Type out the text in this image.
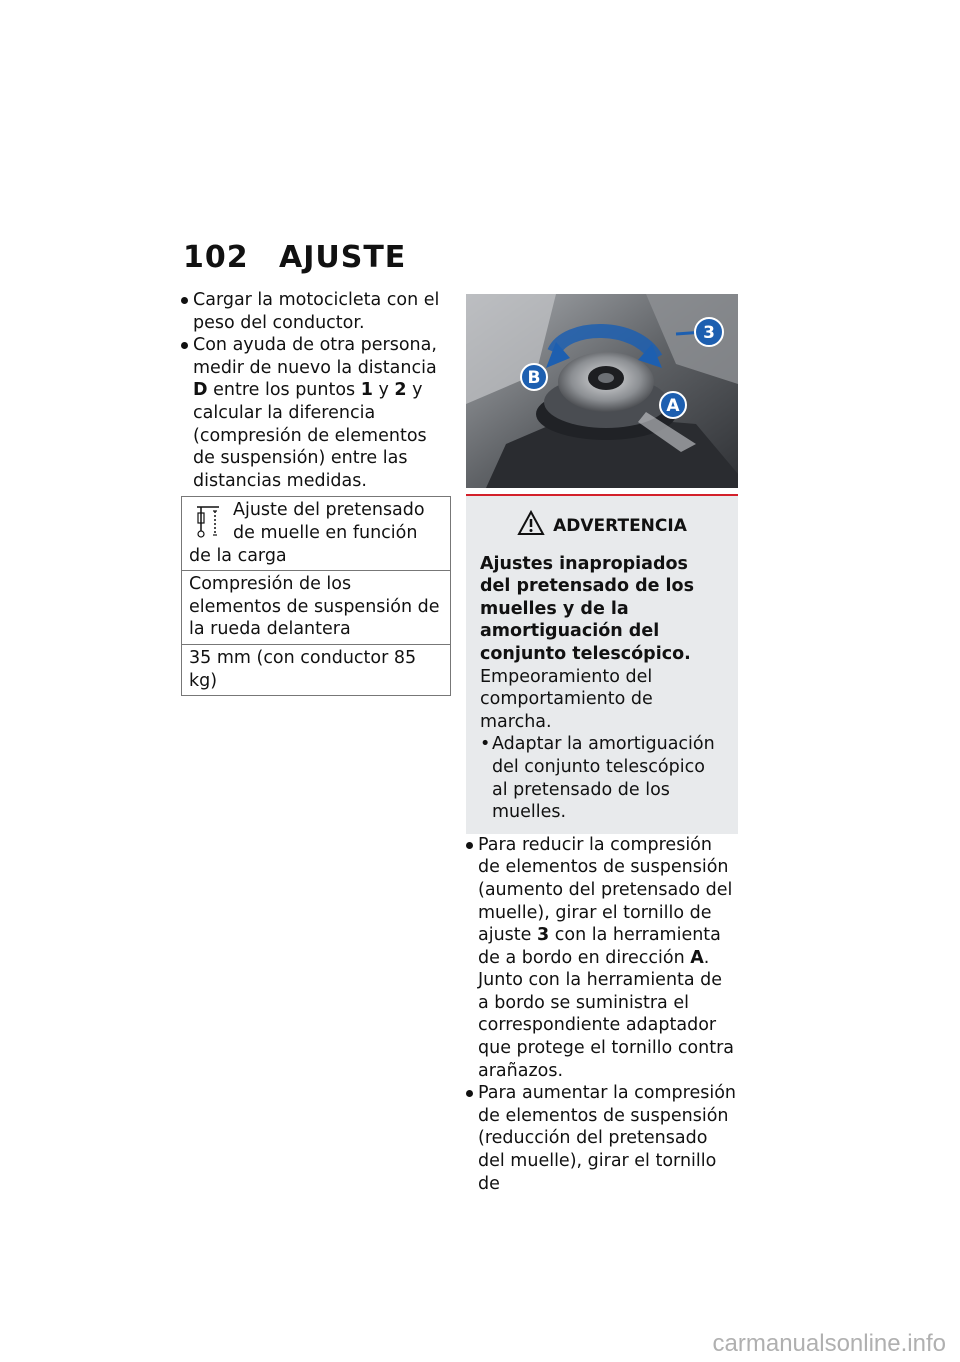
102 AJUSTE
Cargar la motocicleta con el peso del conductor.
Con ayuda de otra persona, medir de nuevo la distancia D entre los puntos 1 y 2 y calcular la diferencia (compresión de elementos de suspensión) entre las distancias medidas.
Ajuste del pretensado de muelle en función de la carga
Compresión de los elementos de suspensión de la rueda delantera
35 mm (con conductor 85 kg)
B
A
3
ADVERTENCIA
Ajustes inapropiados del pretensado de los muelles y de la amortiguación del conjunto telescópico.
Empeoramiento del comportamiento de marcha.
• Adaptar la amortiguación del conjunto telescópico al pretensado de los muelles.
Para reducir la compresión de elementos de suspensión (aumento del pretensado del muelle), girar el tornillo de ajuste 3 con la herramienta de a bordo en dirección A. Junto con la herramienta de a bordo se suministra el correspondiente adaptador que protege el tornillo contra arañazos.
Para aumentar la compresión de elementos de suspensión (reducción del pretensado del muelle), girar el tornillo de
carmanualsonline.info
